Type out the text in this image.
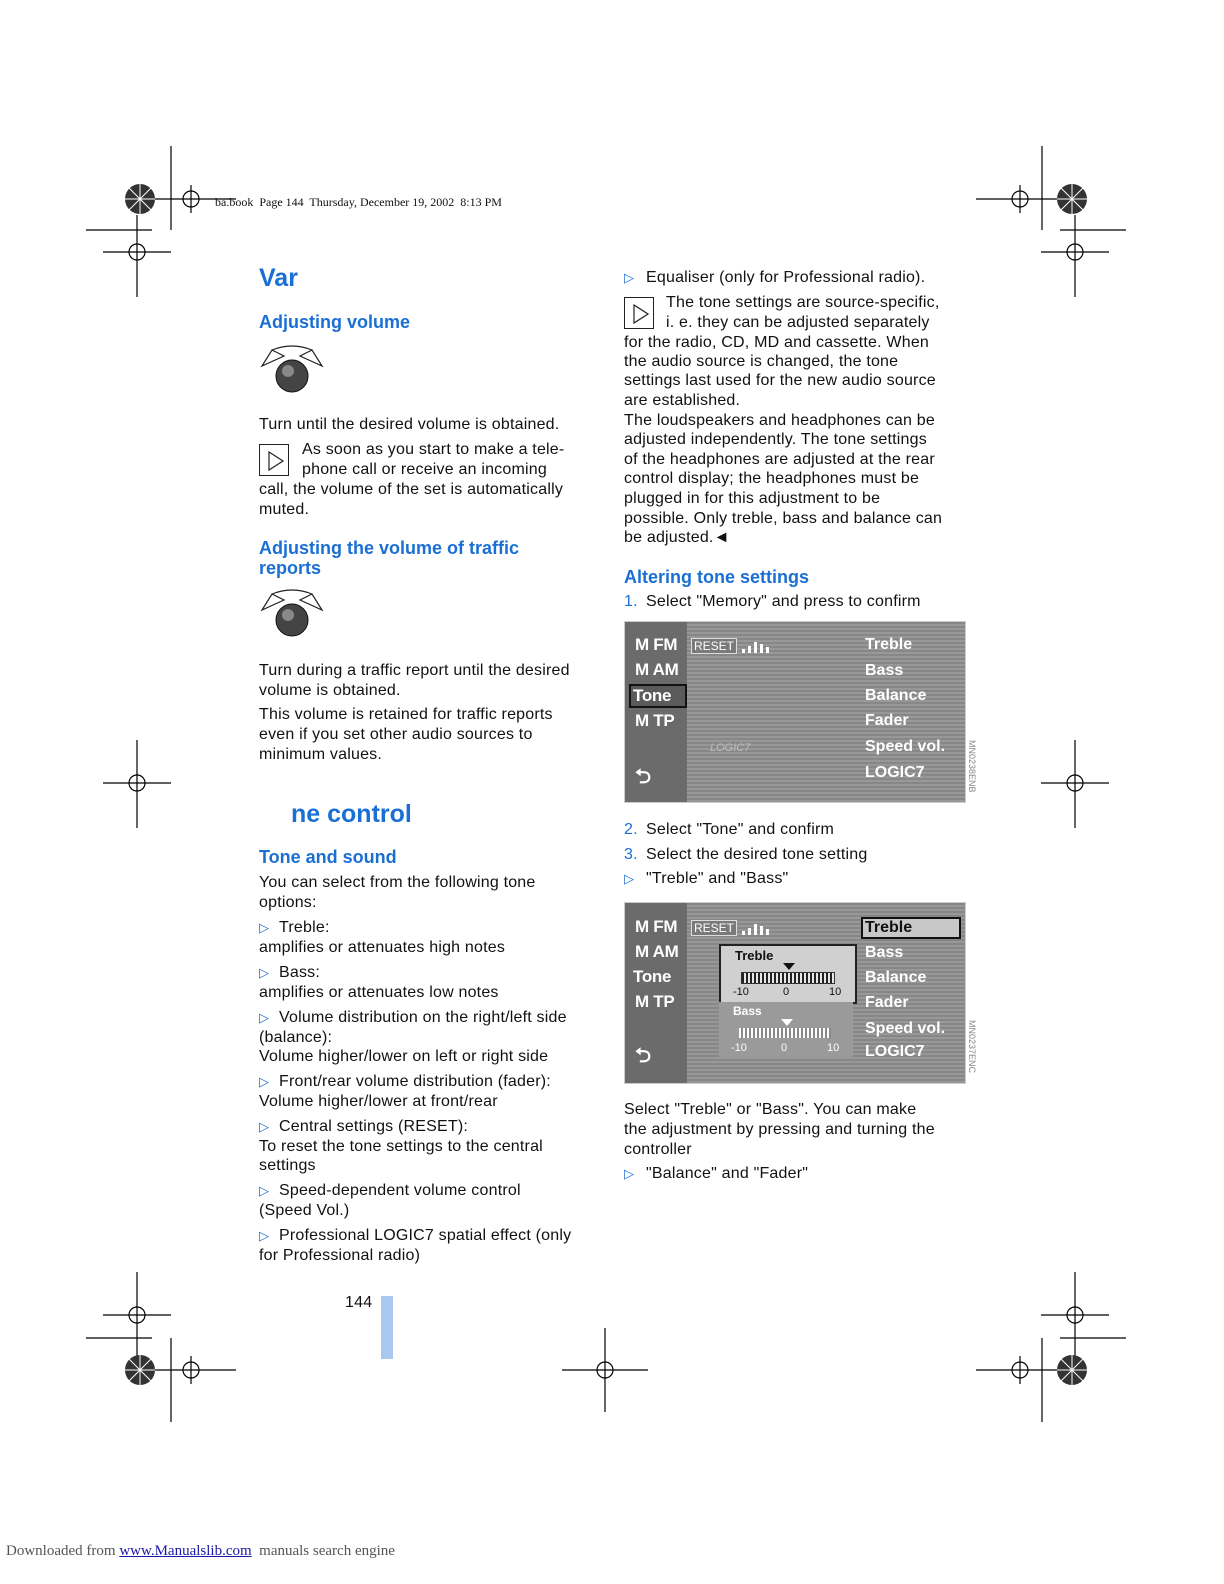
ba.book  Page 144  Thursday, December 19, 2002  8:13 PM
Var
Adjusting volume
Turn until the desired volume is obtained.
As soon as you start to make a tele-
phone call or receive an incoming
call, the volume of the set is automatically
muted.
Adjusting the volume of traffic
reports
Turn during a traffic report until the desired
volume is obtained.
This volume is retained for traffic reports
even if you set other audio sources to
minimum values.
ne control
Tone and sound
You can select from the following tone
options:
▷ Treble:
amplifies or attenuates high notes
▷ Bass:
amplifies or attenuates low notes
▷ Volume distribution on the right/left side
(balance):
Volume higher/lower on left or right side
▷ Front/rear volume distribution (fader):
Volume higher/lower at front/rear
▷ Central settings (RESET):
To reset the tone settings to the central
settings
▷ Speed-dependent volume control
(Speed Vol.)
▷ Professional LOGIC7 spatial effect (only
for Professional radio)
144
▷ Equaliser (only for Professional radio).
The tone settings are source-specific,
i. e. they can be adjusted separately
for the radio, CD, MD and cassette. When
the audio source is changed, the tone
settings last used for the new audio source
are established.
The loudspeakers and headphones can be
adjusted independently. The tone settings
of the headphones are adjusted at the rear
control display; the headphones must be
plugged in for this adjustment to be
possible. Only treble, bass and balance can
be adjusted.◄
Altering tone settings
1. Select "Memory" and press to confirm
M FM
M AM
Tone
M TP
⮌
RESET
LOGIC7
Treble
Bass
Balance
Fader
Speed vol.
LOGIC7	MN0238ENB
2. Select "Tone" and confirm
3. Select the desired tone setting
▷ "Treble" and "Bass"
M FM
M AM
Tone
M TP
⮌
RESET
Treble
-10	0	10
Bass
-10	0	10
Treble
Bass
Balance
Fader
Speed vol.
LOGIC7	MN0237ENC
Select "Treble" or "Bass". You can make
the adjustment by pressing and turning the
controller
▷ "Balance" and "Fader"
Downloaded from www.Manualslib.com  manuals search engine
